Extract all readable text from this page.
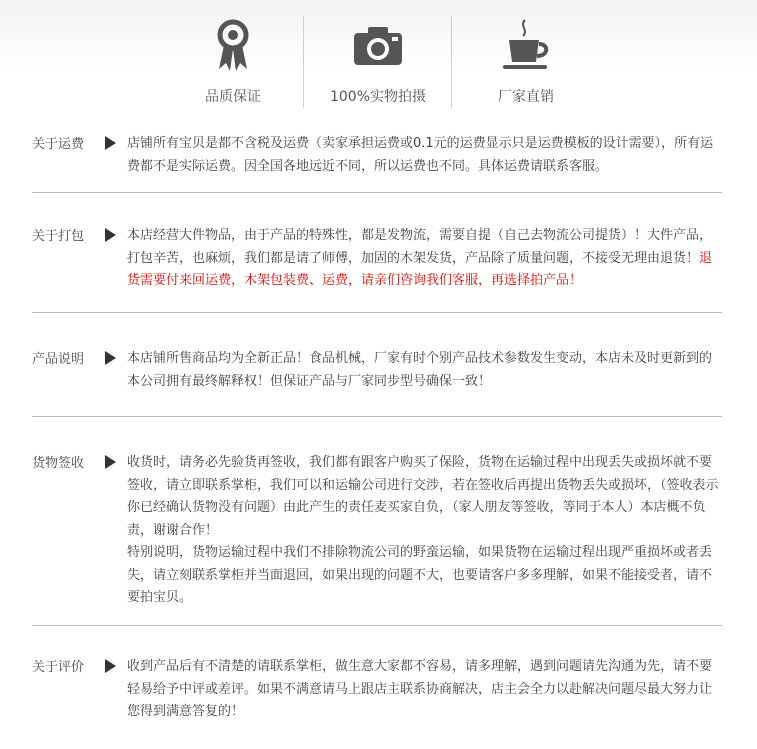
品质保证	100%实物拍摄	厂家直销
关于运费	店铺所有宝贝是都不含税及运费（卖家承担运费或0.1元的运费显示只是运费模板的设计需要），所有运费都不是实际运费。因全国各地远近不同，所以运费也不同。具体运费请联系客服。
关于打包	本店经营大件物品，由于产品的特殊性，都是发物流，需要自提（自己去物流公司提货）！大件产品，打包辛苦，也麻烦，我们都是请了师傅，加固的木架发货，产品除了质量问题，不接受无理由退货！退货需要付来回运费，木架包装费、运费，请亲们咨询我们客服，再选择拍产品！
产品说明	本店铺所售商品均为全新正品！食品机械，厂家有时个别产品技术参数发生变动，本店未及时更新到的本公司拥有最终解释权！但保证产品与厂家同步型号确保一致！
货物签收	收货时，请务必先验货再签收，我们都有跟客户购买了保险，货物在运输过程中出现丢失或损坏就不要签收，请立即联系掌柜，我们可以和运输公司进行交涉，若在签收后再提出货物丢失或损坏，（签收表示你已经确认货物没有问题）由此产生的责任麦买家自负，（家人朋友等签收，等同于本人）本店概不负责，谢谢合作！
特别说明，货物运输过程中我们不排除物流公司的野蛮运输，如果货物在运输过程出现严重损坏或者丢失，请立刻联系掌柜并当面退回，如果出现的问题不大，也要请客户多多理解，如果不能接受者，请不要拍宝贝。
关于评价	收到产品后有不清楚的请联系掌柜，做生意大家都不容易，请多理解，遇到问题请先沟通为先，请不要轻易给予中评或差评。如果不满意请马上跟店主联系协商解决，店主会全力以赴解决问题尽最大努力让您得到满意答复的！
